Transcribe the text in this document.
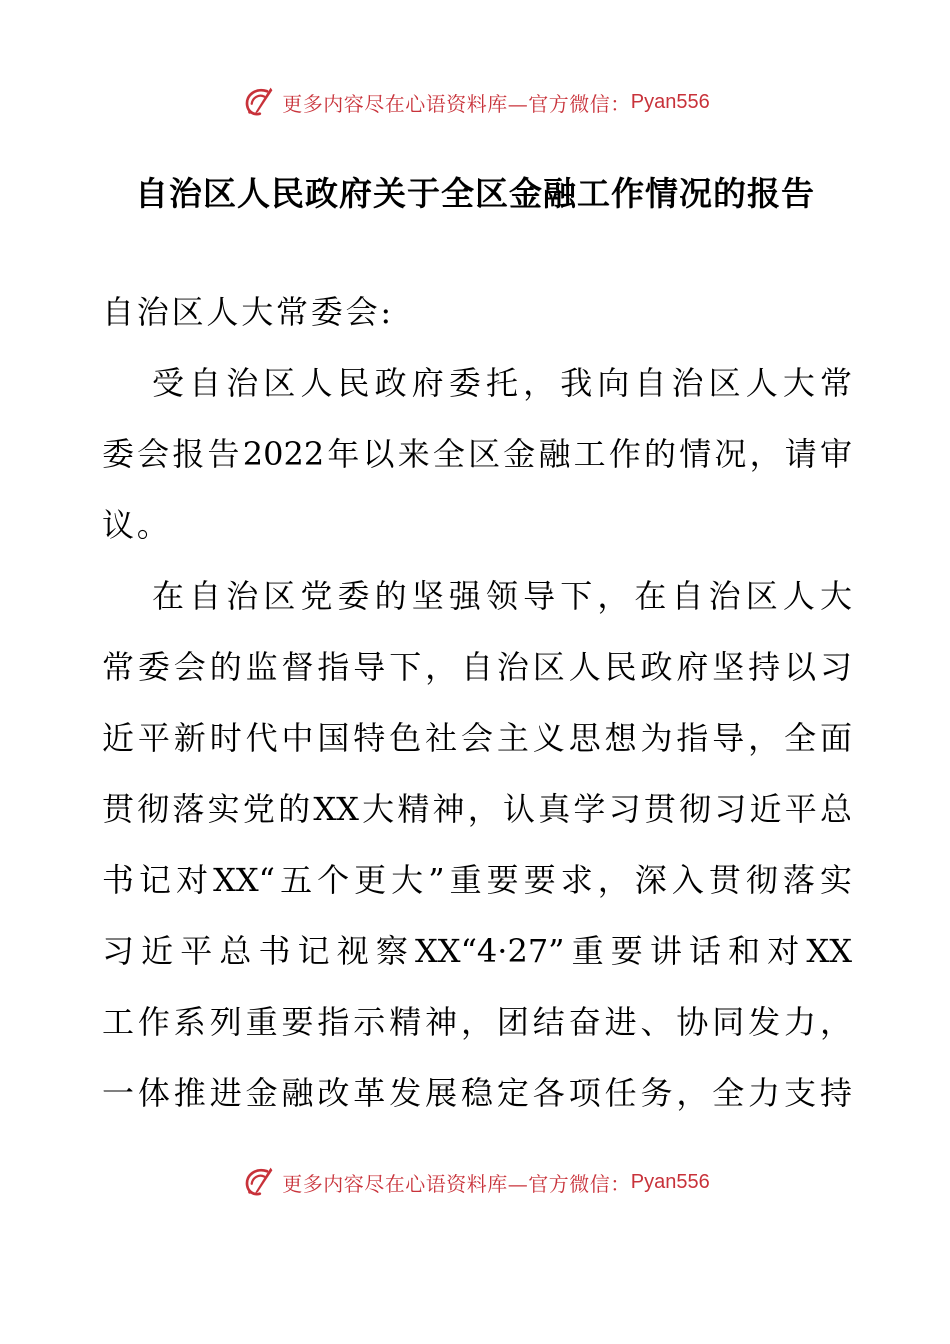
更多内容尽在心语资料库—官方微信： Pyan556
自治区人民政府关于全区金融工作情况的报告
自治区人大常委会:
受自治区人民政府委托，我向自治区人大常
委会报告2022年以来全区金融工作的情况，请审
议。
在自治区党委的坚强领导下，在自治区人大
常委会的监督指导下，自治区人民政府坚持以习
近平新时代中国特色社会主义思想为指导，全面
贯彻落实党的XX大精神，认真学习贯彻习近平总
书记对XX“五个更大”重要要求，深入贯彻落实
习近平总书记视察XX“4·27”重要讲话和对XX
工作系列重要指示精神，团结奋进、协同发力，
一体推进金融改革发展稳定各项任务，全力支持
更多内容尽在心语资料库—官方微信： Pyan556
